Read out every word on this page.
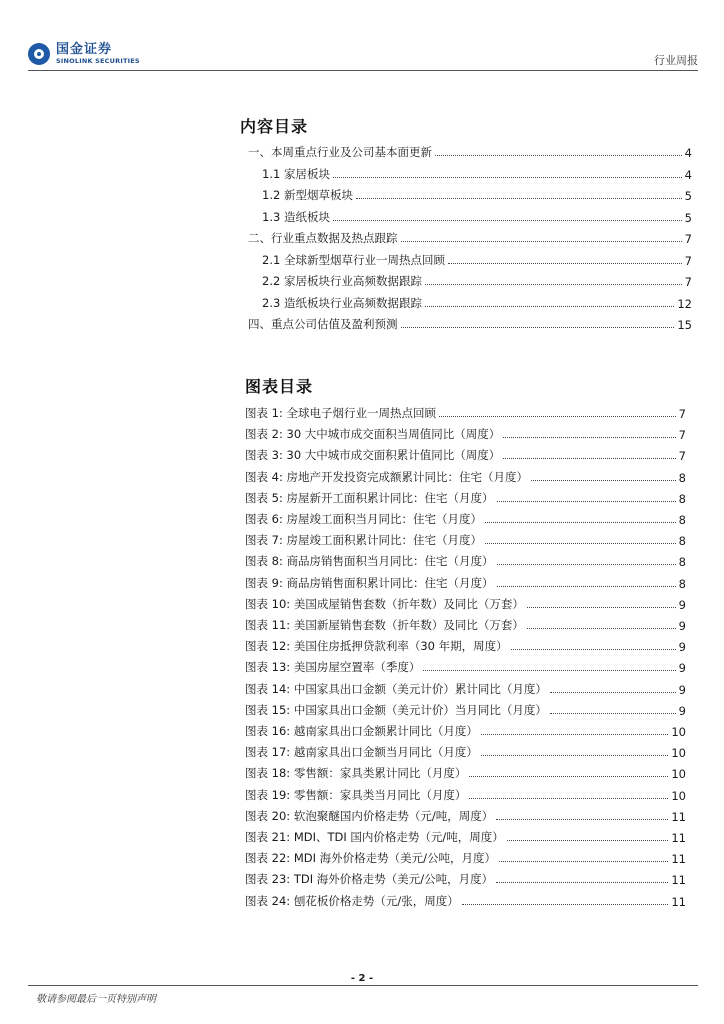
国金证券
SINOLINK SECURITIES	行业周报
内容目录
一、本周重点行业及公司基本面更新	4
1.1 家居板块	4
1.2 新型烟草板块	5
1.3 造纸板块	5
二、行业重点数据及热点跟踪	7
2.1 全球新型烟草行业一周热点回顾	7
2.2 家居板块行业高频数据跟踪	7
2.3 造纸板块行业高频数据跟踪	12
四、重点公司估值及盈利预测	15
图表目录
图表 1: 全球电子烟行业一周热点回顾	7
图表 2: 30 大中城市成交面积当周值同比（周度）	7
图表 3: 30 大中城市成交面积累计值同比（周度）	7
图表 4: 房地产开发投资完成额累计同比：住宅（月度）	8
图表 5: 房屋新开工面积累计同比：住宅（月度）	8
图表 6: 房屋竣工面积当月同比：住宅（月度）	8
图表 7: 房屋竣工面积累计同比：住宅（月度）	8
图表 8: 商品房销售面积当月同比：住宅（月度）	8
图表 9: 商品房销售面积累计同比：住宅（月度）	8
图表 10: 美国成屋销售套数（折年数）及同比（万套）	9
图表 11: 美国新屋销售套数（折年数）及同比（万套）	9
图表 12: 美国住房抵押贷款利率（30 年期，周度）	9
图表 13: 美国房屋空置率（季度）	9
图表 14: 中国家具出口金额（美元计价）累计同比（月度）	9
图表 15: 中国家具出口金额（美元计价）当月同比（月度）	9
图表 16: 越南家具出口金额累计同比（月度）	10
图表 17: 越南家具出口金额当月同比（月度）	10
图表 18: 零售额：家具类累计同比（月度）	10
图表 19: 零售额：家具类当月同比（月度）	10
图表 20: 软泡聚醚国内价格走势（元/吨，周度）	11
图表 21: MDI、TDI 国内价格走势（元/吨，周度）	11
图表 22: MDI 海外价格走势（美元/公吨，月度）	11
图表 23: TDI 海外价格走势（美元/公吨，月度）	11
图表 24: 刨花板价格走势（元/张，周度）	11
- 2 -
敬请参阅最后一页特别声明
